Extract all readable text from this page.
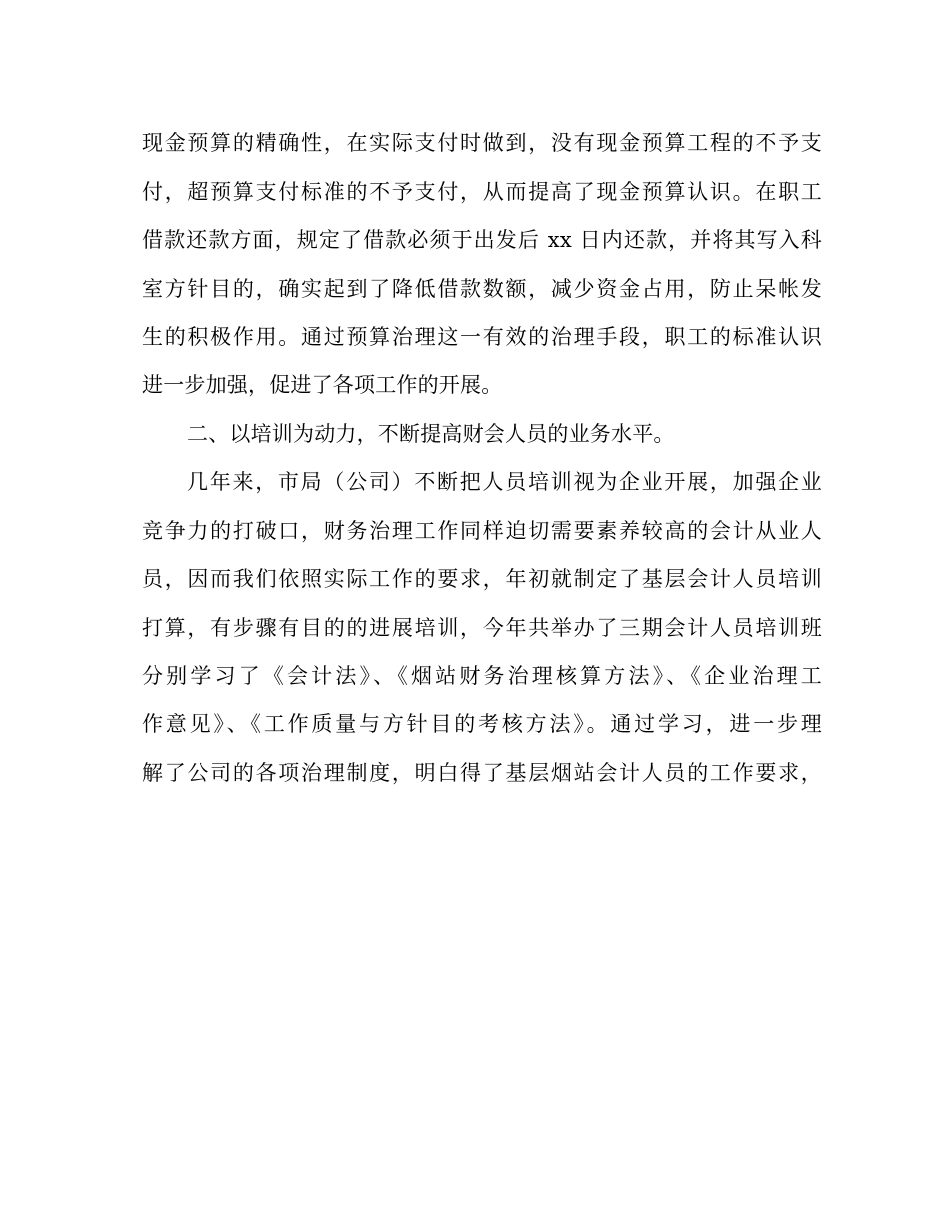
现金预算的精确性，在实际支付时做到，没有现金预算工程的不予支
付，超预算支付标准的不予支付，从而提高了现金预算认识。在职工
借款还款方面，规定了借款必须于出发后 xx 日内还款，并将其写入科
室方针目的，确实起到了降低借款数额，减少资金占用，防止呆帐发
生的积极作用。通过预算治理这一有效的治理手段，职工的标准认识
进一步加强，促进了各项工作的开展。
二、以培训为动力，不断提高财会人员的业务水平。
几年来，市局（公司）不断把人员培训视为企业开展，加强企业
竞争力的打破口，财务治理工作同样迫切需要素养较高的会计从业人
员，因而我们依照实际工作的要求，年初就制定了基层会计人员培训
打算，有步骤有目的的进展培训，今年共举办了三期会计人员培训班
分别学习了《会计法》、《烟站财务治理核算方法》、《企业治理工
作意见》、《工作质量与方针目的考核方法》。通过学习，进一步理
解了公司的各项治理制度，明白得了基层烟站会计人员的工作要求，
